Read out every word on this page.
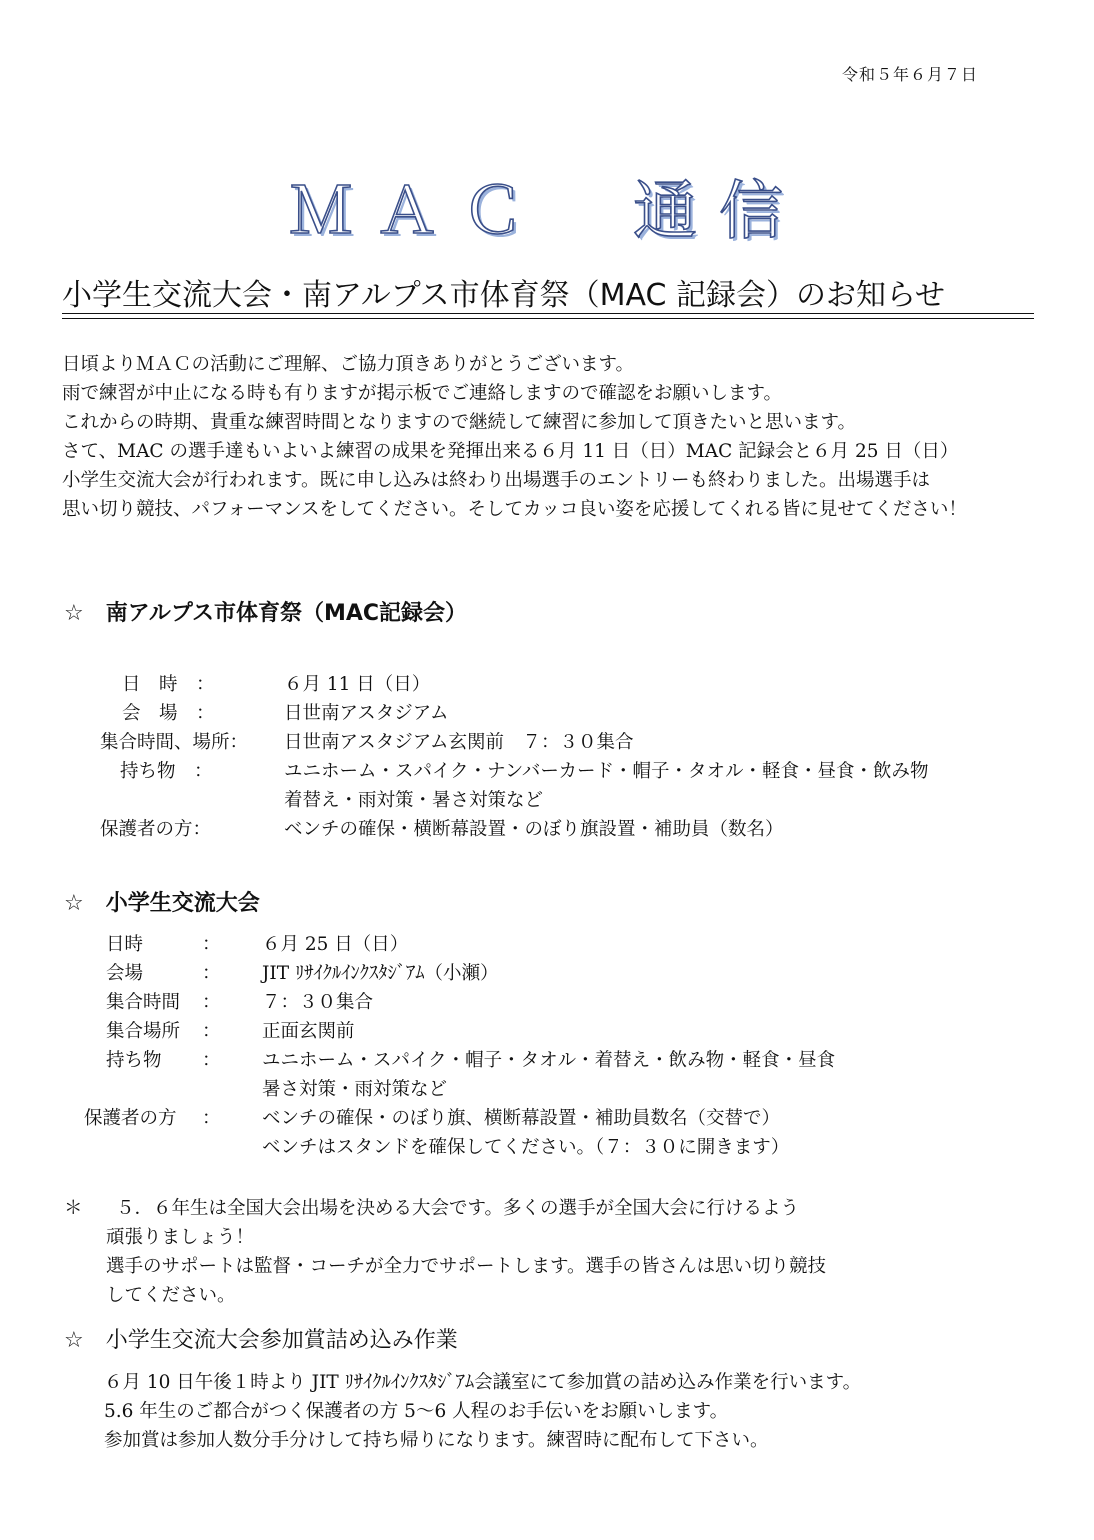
令和５年６月７日
ＭＡＣ　通信
小学生交流大会・南アルプス市体育祭（MAC 記録会）のお知らせ
日頃よりＭＡＣの活動にご理解、ご協力頂きありがとうございます。
雨で練習が中止になる時も有りますが掲示板でご連絡しますので確認をお願いします。
これからの時期、貴重な練習時間となりますので継続して練習に参加して頂きたいと思います。
さて、MAC の選手達もいよいよ練習の成果を発揮出来る６月 11 日（日）MAC 記録会と６月 25 日（日）
小学生交流大会が行われます。既に申し込みは終わり出場選手のエントリーも終わりました。出場選手は
思い切り競技、パフォーマンスをしてください。そしてカッコ良い姿を応援してくれる皆に見せてください！
☆ 南アルプス市体育祭（MAC記録会）
日　時　：	６月 11 日（日）
会　場　：	日世南アスタジアム
集合時間、場所： 日世南アスタジアム玄関前　７：３０集合
持ち物　：	ユニホーム・スパイク・ナンバーカード・帽子・タオル・軽食・昼食・飲み物
着替え・雨対策・暑さ対策など
保護者の方：	ベンチの確保・横断幕設置・のぼり旗設置・補助員（数名）
☆ 小学生交流大会
日時	： ６月 25 日（日）
会場	： JIT ﾘｻｲｸﾙｲﾝｸｽﾀｼﾞｱﾑ（小瀬）
集合時間 ： ７：３０集合
集合場所 ： 正面玄関前
持ち物 ： ユニホーム・スパイク・帽子・タオル・着替え・飲み物・軽食・昼食
暑さ対策・雨対策など
保護者の方 ： ベンチの確保・のぼり旗、横断幕設置・補助員数名（交替で）
ベンチはスタンドを確保してください。（７：３０に開きます）
＊	５．６年生は全国大会出場を決める大会です。多くの選手が全国大会に行けるよう
頑張りましょう！
選手のサポートは監督・コーチが全力でサポートします。選手の皆さんは思い切り競技
してください。
☆ 小学生交流大会参加賞詰め込み作業
６月 10 日午後１時より JIT ﾘｻｲｸﾙｲﾝｸｽﾀｼﾞｱﾑ会議室にて参加賞の詰め込み作業を行います。
5.6 年生のご都合がつく保護者の方 5〜6 人程のお手伝いをお願いします。
参加賞は参加人数分手分けして持ち帰りになります。練習時に配布して下さい。
